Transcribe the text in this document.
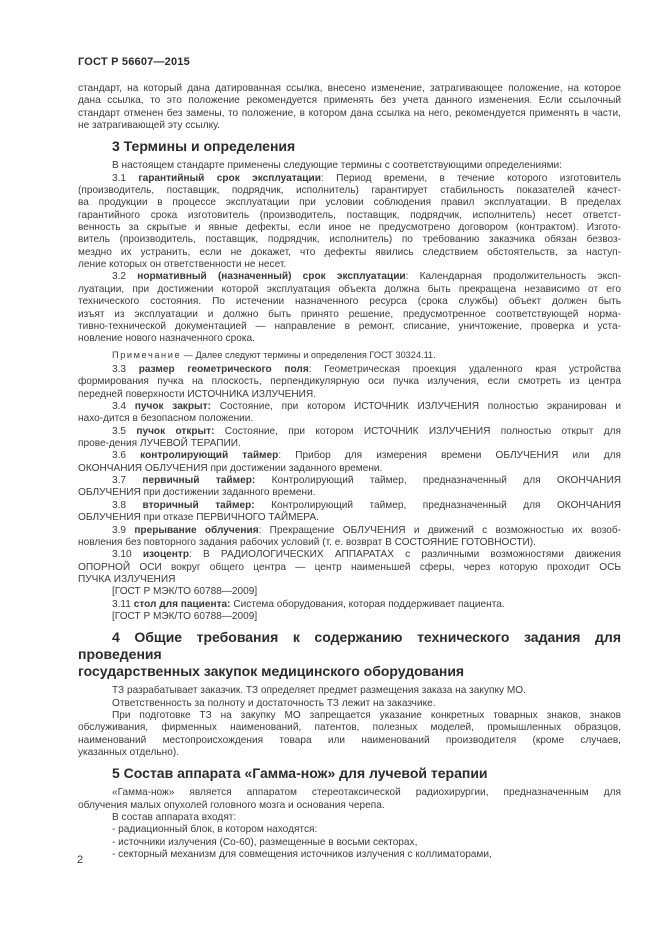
ГОСТ Р 56607—2015
стандарт, на который дана датированная ссылка, внесено изменение, затрагивающее положение, на которое
дана ссылка, то это положение рекомендуется применять без учета данного изменения. Если ссылочный
стандарт отменен без замены, то положение, в котором дана ссылка на него, рекомендуется применять в части,
не затрагивающей эту ссылку.
3 Термины и определения
В настоящем стандарте применены следующие термины с соответствующими определениями:
3.1 гарантийный срок эксплуатации: Период времени, в течение которого изготовитель
(производитель, поставщик, подрядчик, исполнитель) гарантирует стабильность показателей качест-
ва продукции в процессе эксплуатации при условии соблюдения правил эксплуатации. В пределах
гарантийного срока изготовитель (производитель, поставщик, подрядчик, исполнитель) несет ответст-
венность за скрытые и явные дефекты, если иное не предусмотрено договором (контрактом). Изгото-
витель (производитель, поставщик, подрядчик, исполнитель) по требованию заказчика обязан безвоз-
мездно их устранить, если не докажет, что дефекты явились следствием обстоятельств, за наступ-
ление которых он ответственности не несет.
3.2 нормативный (назначенный) срок эксплуатации: Календарная продолжительность эксп-
луатации, при достижении которой эксплуатация объекта должна быть прекращена независимо от его
технического состояния. По истечении назначенного ресурса (срока службы) объект должен быть
изъят из эксплуатации и должно быть принято решение, предусмотренное соответствующей норма-
тивно-технической документацией — направление в ремонт, списание, уничтожение, проверка и уста-
новление нового назначенного срока.
Примечание — Далее следуют термины и определения ГОСТ 30324.11.
3.3 размер геометрического поля: Геометрическая проекция удаленного края устройства
формирования пучка на плоскость, перпендикулярную оси пучка излучения, если смотреть из центра
передней поверхности ИСТОЧНИКА ИЗЛУЧЕНИЯ.
3.4 пучок закрыт: Состояние, при котором ИСТОЧНИК ИЗЛУЧЕНИЯ полностью экранирован и
нахо-дится в безопасном положении.
3.5 пучок открыт: Состояние, при котором ИСТОЧНИК ИЗЛУЧЕНИЯ полностью открыт для
прове-дения ЛУЧЕВОЙ ТЕРАПИИ.
3.6 контролирующий таймер: Прибор для измерения времени ОБЛУЧЕНИЯ или для
ОКОНЧАНИЯ ОБЛУЧЕНИЯ при достижении заданного времени.
3.7 первичный таймер: Контролирующий таймер, предназначенный для ОКОНЧАНИЯ
ОБЛУЧЕНИЯ при достижении заданного времени.
3.8 вторичный таймер: Контролирующий таймер, предназначенный для ОКОНЧАНИЯ
ОБЛУЧЕНИЯ при отказе ПЕРВИЧНОГО ТАЙМЕРА.
3.9 прерывание облучения: Прекращение ОБЛУЧЕНИЯ и движений с возможностью их возоб-
новления без повторного задания рабочих условий (т. е. возврат В СОСТОЯНИЕ ГОТОВНОСТИ).
3.10 изоцентр: В РАДИОЛОГИЧЕСКИХ АППАРАТАХ с различными возможностями движения
ОПОРНОЙ ОСИ вокруг общего центра — центр наименьшей сферы, через которую проходит ОСЬ
ПУЧКА ИЗЛУЧЕНИЯ
[ГОСТ Р МЭК/ТО 60788—2009]
3.11 стол для пациента: Система оборудования, которая поддерживает пациента.
[ГОСТ Р МЭК/ТО 60788—2009]
4 Общие требования к содержанию технического задания для проведения
государственных закупок медицинского оборудования
ТЗ разрабатывает заказчик. ТЗ определяет предмет размещения заказа на закупку МО.
Ответственность за полноту и достаточность ТЗ лежит на заказчике.
При подготовке ТЗ на закупку МО запрещается указание конкретных товарных знаков, знаков
обслуживания, фирменных наименований, патентов, полезных моделей, промышленных образцов,
наименований местопроисхождения товара или наименований производителя (кроме случаев,
указанных отдельно).
5 Состав аппарата «Гамма-нож» для лучевой терапии
«Гамма-нож» является аппаратом стереотаксической радиохирургии, предназначенным для
облучения малых опухолей головного мозга и основания черепа.
В состав аппарата входят:
- радиационный блок, в котором находятся:
- источники излучения (Co-60), размещенные в восьми секторах,
- секторный механизм для совмещения источников излучения с коллиматорами,
2
